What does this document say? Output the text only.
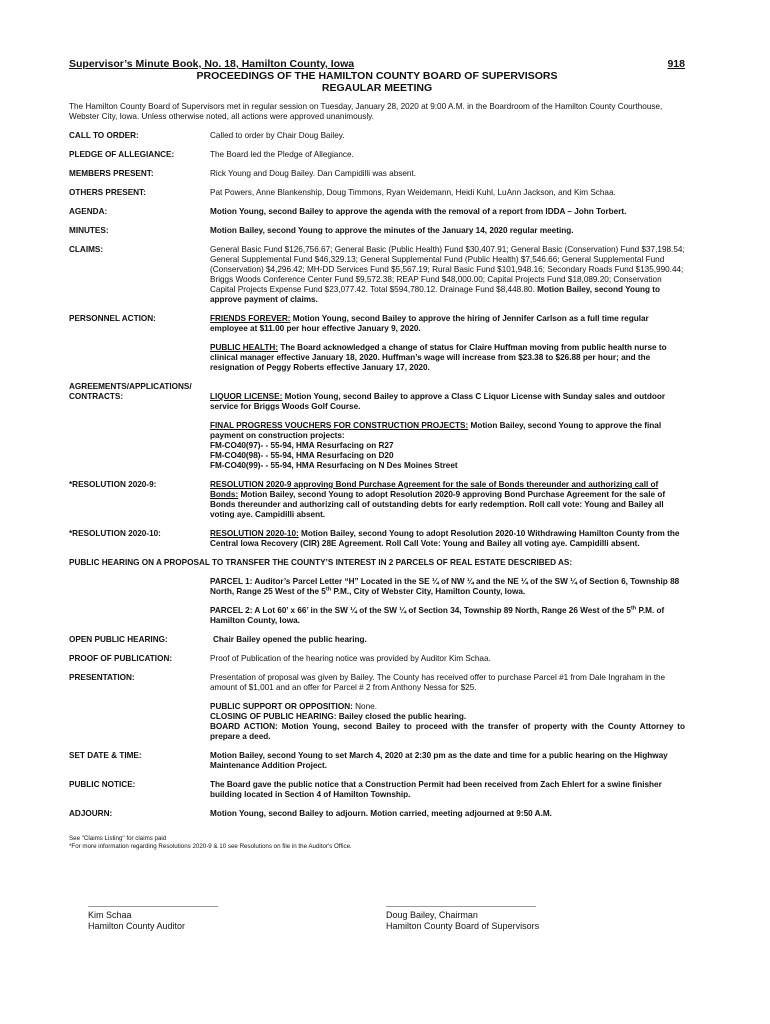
Supervisor’s Minute Book, No. 18, Hamilton County, Iowa	918
PROCEEDINGS OF THE HAMILTON COUNTY BOARD OF SUPERVISORS
REGAULAR MEETING
The Hamilton County Board of Supervisors met in regular session on Tuesday, January 28, 2020 at 9:00 A.M. in the Boardroom of the Hamilton County Courthouse, Webster City, Iowa. Unless otherwise noted, all actions were approved unanimously.
CALL TO ORDER:	Called to order by Chair Doug Bailey.
PLEDGE OF ALLEGIANCE:	The Board led the Pledge of Allegiance.
MEMBERS PRESENT:	Rick Young and Doug Bailey. Dan Campidilli was absent.
OTHERS PRESENT:	Pat Powers, Anne Blankenship, Doug Timmons, Ryan Weidemann, Heidi Kuhl, LuAnn Jackson, and Kim Schaa.
AGENDA:	Motion Young, second Bailey to approve the agenda with the removal of a report from IDDA – John Torbert.
MINUTES:	Motion Bailey, second Young to approve the minutes of the January 14, 2020 regular meeting.
CLAIMS:	General Basic Fund $126,756.67; General Basic (Public Health) Fund $30,407.91; General Basic (Conservation) Fund $37,198.54; General Supplemental Fund $46,329.13; General Supplemental Fund (Public Health) $7,546.66; General Supplemental Fund (Conservation) $4,296.42; MH-DD Services Fund $5,567.19; Rural Basic Fund $101,948.16; Secondary Roads Fund $135,990.44; Briggs Woods Conference Center Fund $9,572.38; REAP Fund $48,000.00; Capital Projects Fund $18,089.20; Conservation Capital Projects Expense Fund $23,077.42. Total $594,780.12. Drainage Fund $8,448.80. Motion Bailey, second Young to approve payment of claims.
PERSONNEL ACTION:	FRIENDS FOREVER: Motion Young, second Bailey to approve the hiring of Jennifer Carlson as a full time regular employee at $11.00 per hour effective January 9, 2020.
PUBLIC HEALTH: The Board acknowledged a change of status for Claire Huffman moving from public health nurse to clinical manager effective January 18, 2020. Huffman’s wage will increase from $23.38 to $26.88 per hour; and the resignation of Peggy Roberts effective January 17, 2020.
AGREEMENTS/APPLICATIONS/
CONTRACTS:	LIQUOR LICENSE: Motion Young, second Bailey to approve a Class C Liquor License with Sunday sales and outdoor service for Briggs Woods Golf Course.
FINAL PROGRESS VOUCHERS FOR CONSTRUCTION PROJECTS: Motion Bailey, second Young to approve the final payment on construction projects:
FM-CO40(97)- - 55-94, HMA Resurfacing on R27
FM-CO40(98)- - 55-94, HMA Resurfacing on D20
FM-CO40(99)- - 55-94, HMA Resurfacing on N Des Moines Street
*RESOLUTION 2020-9:	RESOLUTION 2020-9 approving Bond Purchase Agreement for the sale of Bonds thereunder and authorizing call of Bonds: Motion Bailey, second Young to adopt Resolution 2020-9 approving Bond Purchase Agreement for the sale of Bonds thereunder and authorizing call of outstanding debts for early redemption. Roll call vote: Young and Bailey all voting aye. Campidilli absent.
*RESOLUTION 2020-10:	RESOLUTION 2020-10: Motion Bailey, second Young to adopt Resolution 2020-10 Withdrawing Hamilton County from the Central Iowa Recovery (CIR) 28E Agreement. Roll Call Vote: Young and Bailey all voting aye. Campidilli absent.
PUBLIC HEARING ON A PROPOSAL TO TRANSFER THE COUNTY’S INTEREST IN 2 PARCELS OF REAL ESTATE DESCRIBED AS:
PARCEL 1: Auditor’s Parcel Letter “H” Located in the SE ¼ of NW ¼ and the NE ¼ of the SW ¼ of Section 6, Township 88 North, Range 25 West of the 5th P.M., City of Webster City, Hamilton County, Iowa.
PARCEL 2: A Lot 60’ x 66’ in the SW ¼ of the SW ¼ of Section 34, Township 89 North, Range 26 West of the 5th P.M. of Hamilton County, Iowa.
OPEN PUBLIC HEARING:	Chair Bailey opened the public hearing.
PROOF OF PUBLICATION:	Proof of Publication of the hearing notice was provided by Auditor Kim Schaa.
PRESENTATION:	Presentation of proposal was given by Bailey. The County has received offer to purchase Parcel #1 from Dale Ingraham in the amount of $1,001 and an offer for Parcel # 2 from Anthony Nessa for $25.
PUBLIC SUPPORT OR OPPOSITION: None.
CLOSING OF PUBLIC HEARING: Bailey closed the public hearing.
BOARD ACTION: Motion Young, second Bailey to proceed with the transfer of property with the County Attorney to prepare a deed.
SET DATE & TIME:	Motion Bailey, second Young to set March 4, 2020 at 2:30 pm as the date and time for a public hearing on the Highway Maintenance Addition Project.
PUBLIC NOTICE:	The Board gave the public notice that a Construction Permit had been received from Zach Ehlert for a swine finisher building located in Section 4 of Hamilton Township.
ADJOURN:	Motion Young, second Bailey to adjourn. Motion carried, meeting adjourned at 9:50 A.M.
See "Claims Listing" for claims paid
*For more information regarding Resolutions 2020-9 & 10 see Resolutions on file in the Auditor's Office.
Kim Schaa
Hamilton County Auditor
Doug Bailey, Chairman
Hamilton County Board of Supervisors
